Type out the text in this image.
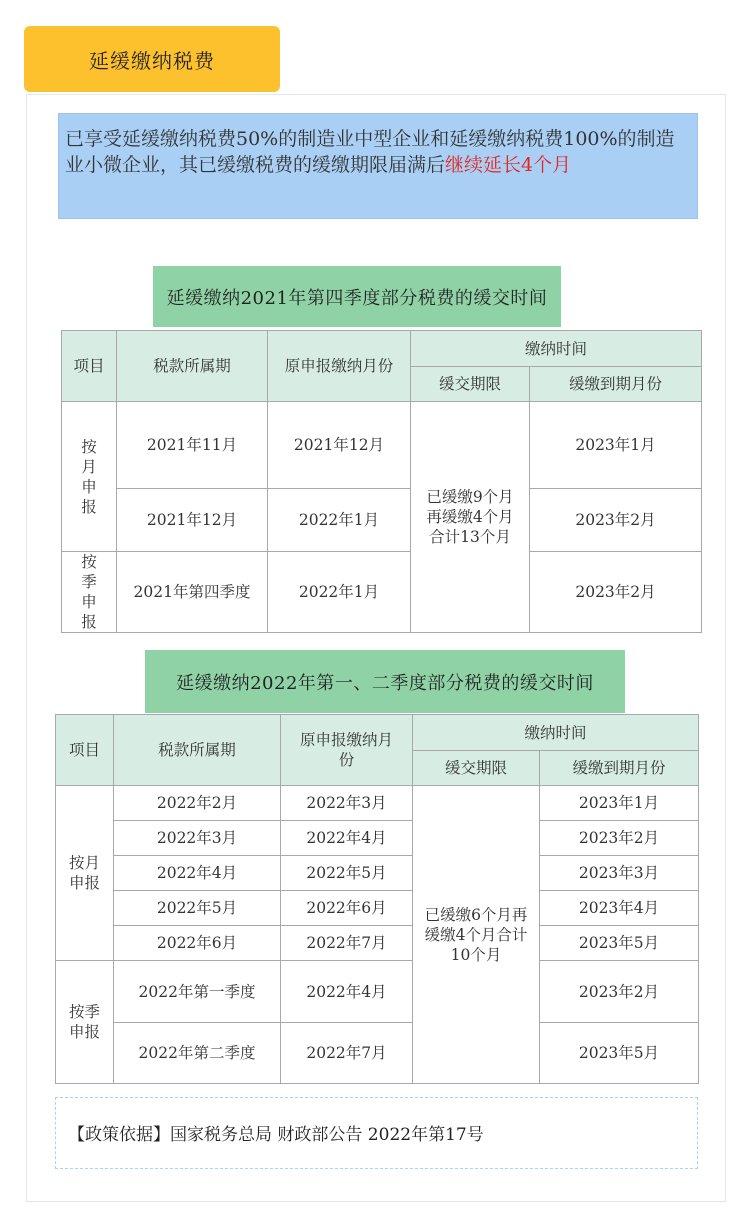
延缓缴纳税费
已享受延缓缴纳税费50%的制造业中型企业和延缓缴纳税费100%的制造业小微企业，其已缓缴税费的缓缴期限届满后继续延长4个月
延缓缴纳2021年第四季度部分税费的缓交时间
项目	税款所属期	原申报缴纳月份	缴纳时间	
			缓交期限	缓缴到期月份
按月申报	2021年11月	2021年12月	已缓缴9个月再缓缴4个月合计13个月	2023年1月
	2021年12月	2022年1月		2023年2月
按季申报	2021年第四季度	2022年1月		2023年2月
延缓缴纳2022年第一、二季度部分税费的缓交时间
项目	税款所属期	原申报缴纳月份	缴纳时间	
			缓交期限	缓缴到期月份
按月申报	2022年2月	2022年3月	已缓缴6个月再缓缴4个月合计10个月	2023年1月
	2022年3月	2022年4月		2023年2月
	2022年4月	2022年5月		2023年3月
	2022年5月	2022年6月		2023年4月
	2022年6月	2022年7月		2023年5月
按季申报	2022年第一季度	2022年4月		2023年2月
	2022年第二季度	2022年7月		2023年5月
【政策依据】国家税务总局 财政部公告 2022年第17号
